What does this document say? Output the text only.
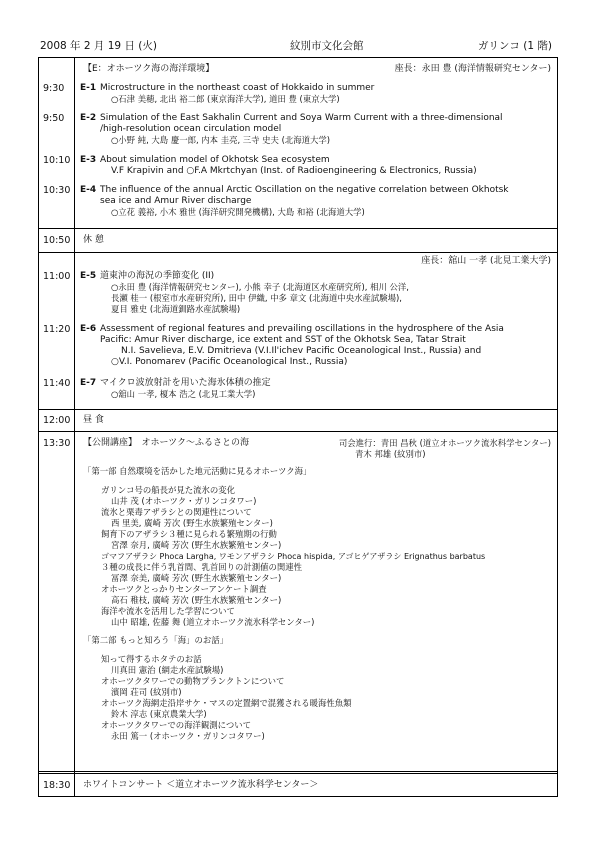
2008 年 2 月 19 日 (火)	紋別市文化会館	ガリンコ (1 階)
【E：オホーツク海の海洋環境】	座長：永田 豊 (海洋情報研究センター)
9:30 E-1 Microstructure in the northeast coast of Hokkaido in summer
○石津 美穂, 北出 裕二郎 (東京海洋大学), 道田 豊 (東京大学)
9:50 E-2 Simulation of the East Sakhalin Current and Soya Warm Current with a three-dimensional
/high-resolution ocean circulation model
○小野 純, 大島 慶一郎, 内本 圭亮, 三寺 史夫 (北海道大学)
10:10 E-3 About simulation model of Okhotsk Sea ecosystem
V.F Krapivin and ○F.A Mkrtchyan (Inst. of Radioengineering & Electronics, Russia)
10:30 E-4 The influence of the annual Arctic Oscillation on the negative correlation between Okhotsk
sea ice and Amur River discharge
○立花 義裕, 小木 雅世 (海洋研究開発機構), 大島 和裕 (北海道大学)
10:50 休 憩
座長：舘山 一孝 (北見工業大学)
11:00 E-5 道東沖の海況の季節変化 (II)
○永田 豊 (海洋情報研究センター), 小熊 幸子 (北海道区水産研究所), 相川 公洋,
長瀬 桂一 (根室市水産研究所), 田中 伊織, 中多 章文 (北海道中央水産試験場),
夏目 雅史 (北海道釧路水産試験場)
11:20 E-6 Assessment of regional features and prevailing oscillations in the hydrosphere of the Asia
Pacific: Amur River discharge, ice extent and SST of the Okhotsk Sea, Tatar Strait
N.I. Savelieva, E.V. Dmitrieva (V.I.Il'ichev Pacific Oceanological Inst., Russia) and
○V.I. Ponomarev (Pacific Oceanological Inst., Russia)
11:40 E-7 マイクロ波放射計を用いた海氷体積の推定
○舘山 一孝, 榎本 浩之 (北見工業大学)
12:00 昼 食
13:30 【公開講座】　オホーツク～ふるさとの海	司会進行：青田 昌秋 (道立オホーツク流氷科学センター)
青木 邦雄 (紋別市)
「第一部 自然環境を活かした地元活動に見るオホーツク海」
ガリンコ号の船長が見た流氷の変化
山井 茂 (オホーツク・ガリンコタワー)
流氷と栗毒アザラシとの関連性について
西 里美, 廣崎 芳次 (野生水族繁殖センター)
飼育下のアザラシ３種に見られる繁殖期の行動
宮澤 奈月, 廣崎 芳次 (野生水族繁殖センター)
ゴマフアザラシ Phoca Largha, ワモンアザラシ Phoca hispida, アゴヒゲアザラシ Erignathus barbatus
３種の成長に伴う乳首間、乳首回りの計測値の関連性
冨澤 奈美, 廣崎 芳次 (野生水族繁殖センター)
オホーツクとっかりセンターアンケート調査
高石 稚枝, 廣崎 芳次 (野生水族繁殖センター)
海洋や流氷を活用した学習について
山中 昭雄, 佐藤 舞 (道立オホーツク流氷科学センター)
「第二部 もっと知ろう「海」のお話」
知って得するホタテのお話
川真田 憲治 (網走水産試験場)
オホーツクタワーでの動物プランクトンについて
濱岡 荘司 (紋別市)
オホーツク海網走沿岸サケ・マスの定置網で混獲される暖海性魚類
鈴木 淳志 (東京農業大学)
オホーツクタワーでの海洋観測について
永田 篤一 (オホーツク・ガリンコタワー)
18:30 ホワイトコンサート ＜道立オホーツク流氷科学センター＞
